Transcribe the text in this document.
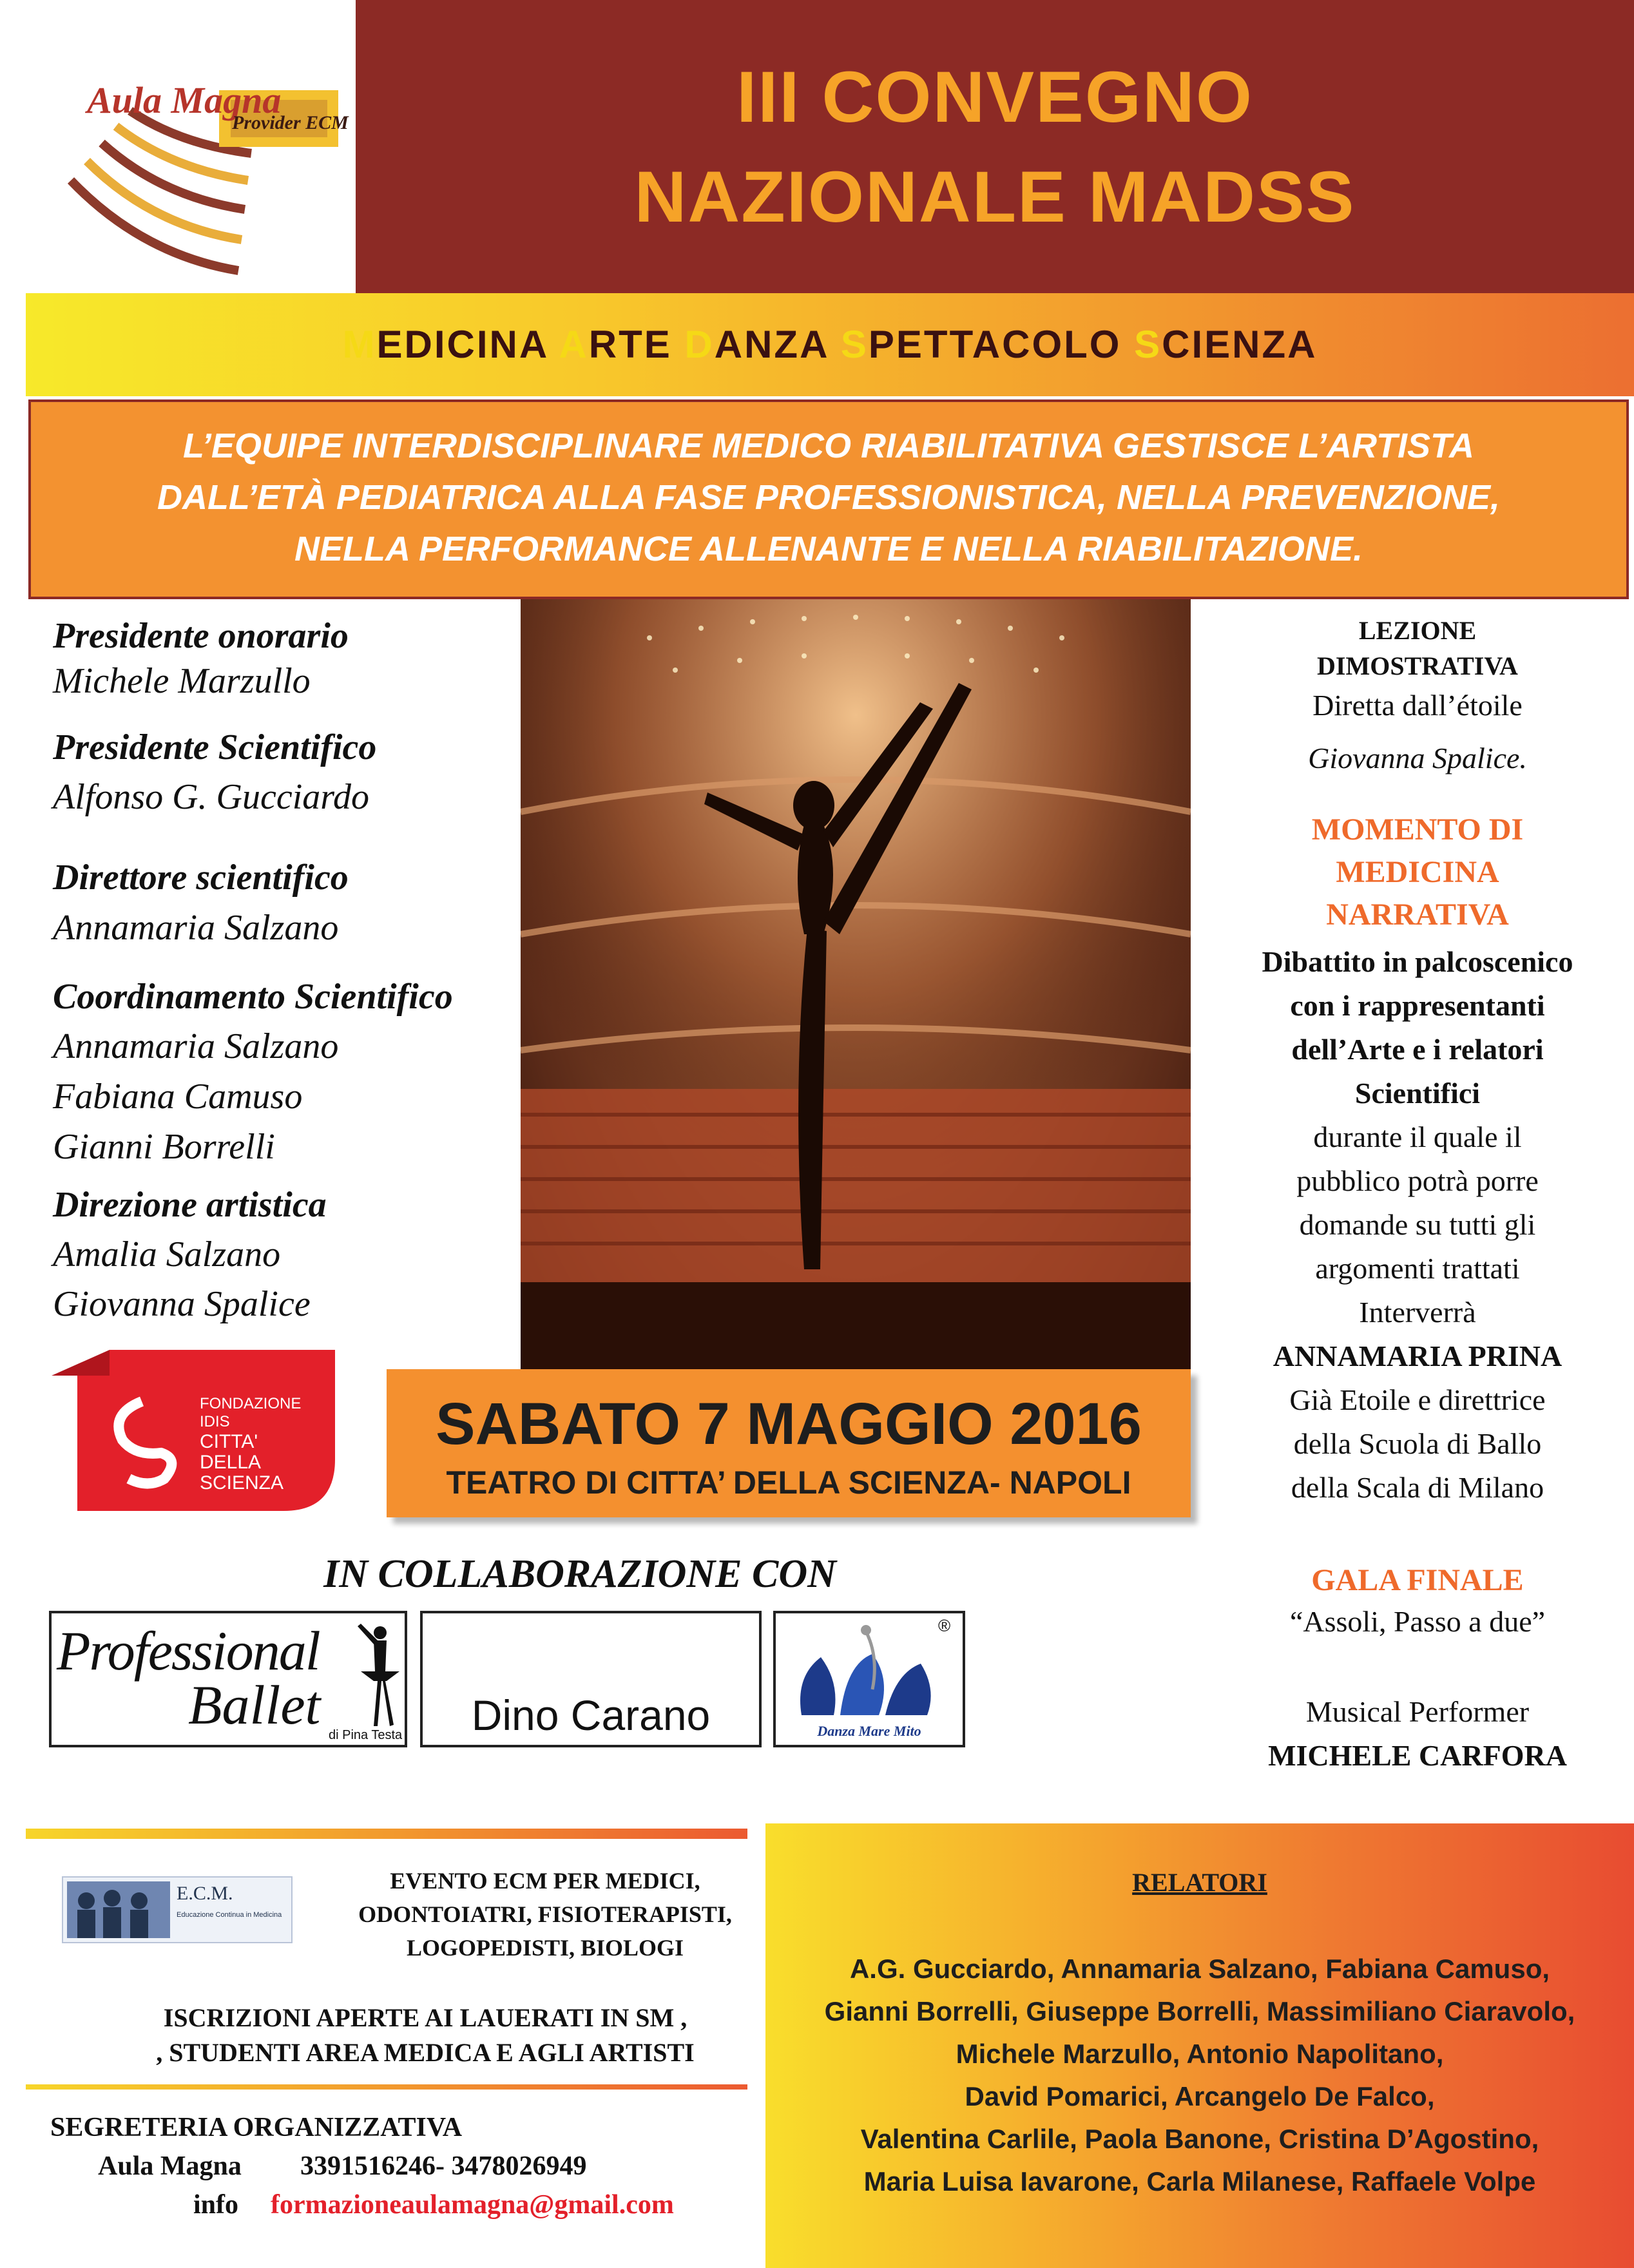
Aula Magna
Provider ECM	III CONVEGNO
NAZIONALE MADSS
MEDICINA ARTE DANZA SPETTACOLO SCIENZA
L’EQUIPE INTERDISCIPLINARE MEDICO RIABILITATIVA GESTISCE L’ARTISTA
DALL’ETÀ PEDIATRICA ALLA FASE PROFESSIONISTICA, NELLA PREVENZIONE,
NELLA PERFORMANCE ALLENANTE E NELLA RIABILITAZIONE.
Presidente onorario
Michele Marzullo
Presidente Scientifico
Alfonso G. Gucciardo
Direttore scientifico
Annamaria Salzano
Coordinamento Scientifico
Annamaria Salzano
Fabiana Camuso
Gianni Borrelli
Direzione artistica
Amalia Salzano
Giovanna Spalice
FONDAZIONE
IDIS
CITTA'
DELLA
SCIENZA
SABATO 7 MAGGIO 2016
TEATRO DI CITTA’ DELLA SCIENZA- NAPOLI
LEZIONE
DIMOSTRATIVA
Diretta dall’étoile
Giovanna Spalice.
MOMENTO DI
MEDICINA
NARRATIVA
Dibattito in palcoscenico
con i rappresentanti
dell’Arte e i relatori
Scientifici
durante il quale il
pubblico potrà porre
domande su tutti gli
argomenti trattati
Interverrà
ANNAMARIA PRINA
Già Etoile e direttrice
della Scuola di Ballo
della Scala di Milano
GALA FINALE
“Assoli, Passo a due”
Musical Performer
MICHELE CARFORA
IN COLLABORAZIONE CON
Professional
Ballet di Pina Testa	Dino Carano	Danza Mare Mito
®
E.C.M.
Educazione Continua in Medicina
EVENTO ECM PER MEDICI,
ODONTOIATRI, FISIOTERAPISTI,
LOGOPEDISTI, BIOLOGI
ISCRIZIONI APERTE AI LAUERATI IN SM ,
, STUDENTI AREA MEDICA E AGLI ARTISTI
SEGRETERIA ORGANIZZATIVA
Aula Magna 3391516246- 3478026949
info formazioneaulamagna@gmail.com
RELATORI
A.G. Gucciardo, Annamaria Salzano, Fabiana Camuso,
Gianni Borrelli, Giuseppe Borrelli, Massimiliano Ciaravolo,
Michele Marzullo, Antonio Napolitano,
David Pomarici, Arcangelo De Falco,
Valentina Carlile, Paola Banone, Cristina D’Agostino,
Maria Luisa Iavarone, Carla Milanese, Raffaele Volpe
